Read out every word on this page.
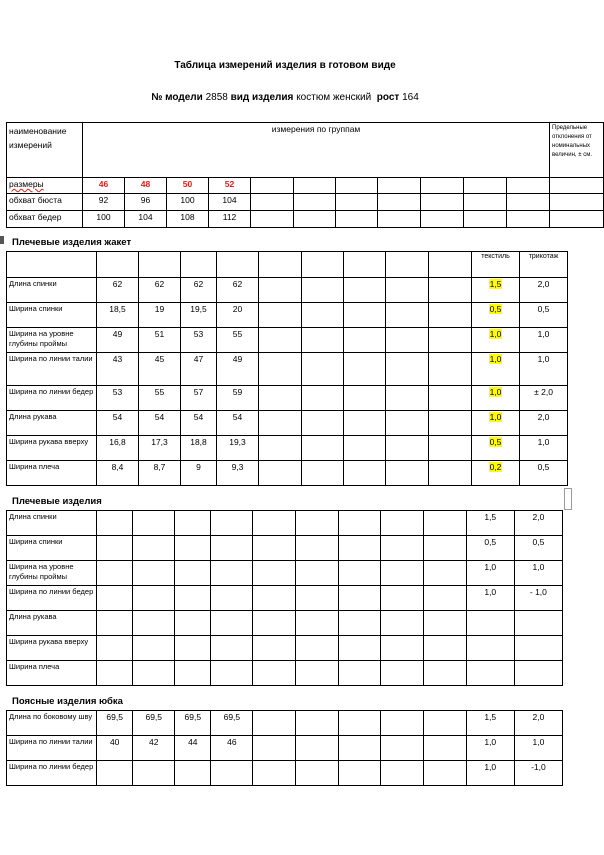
Таблица измерений изделия в готовом виде
№ модели 2858 вид изделия костюм женский рост 164
наименование измерений	измерения по группам											Предельные отклонения от номинальных величин, ± см.
размеры	46	48	50	52								
обхват бюста	92	96	100	104								
обхват бедер	100	104	108	112								
Плечевые изделия жакет
										текстиль	трикотаж
Длина спинки	62	62	62	62						1,5	2,0
Ширина спинки	18,5	19	19,5	20						0,5	0,5
Ширина на уровне глубины проймы	49	51	53	55						1,0	1,0
Ширина по линии талии	43	45	47	49						1,0	1,0
Ширина по линии бедер	53	55	57	59						1,0	± 2,0
Длина рукава	54	54	54	54						1,0	2,0
Ширина рукава вверху	16,8	17,3	18,8	19,3						0,5	1,0
Ширина плеча	8,4	8,7	9	9,3						0,2	0,5
Плечевые изделия
Длина спинки										1,5	2,0
Ширина спинки										0,5	0,5
Ширина на уровне глубины проймы										1,0	1,0
Ширина по линии бедер										1,0	- 1,0
Длина рукава											
Ширина рукава вверху											
Ширина плеча											
Поясные изделия юбка
Длина по боковому шву	69,5	69,5	69,5	69,5						1,5	2,0
Ширина по линии талии	40	42	44	46						1,0	1,0
Ширина по линии бедер										1,0	-1,0
